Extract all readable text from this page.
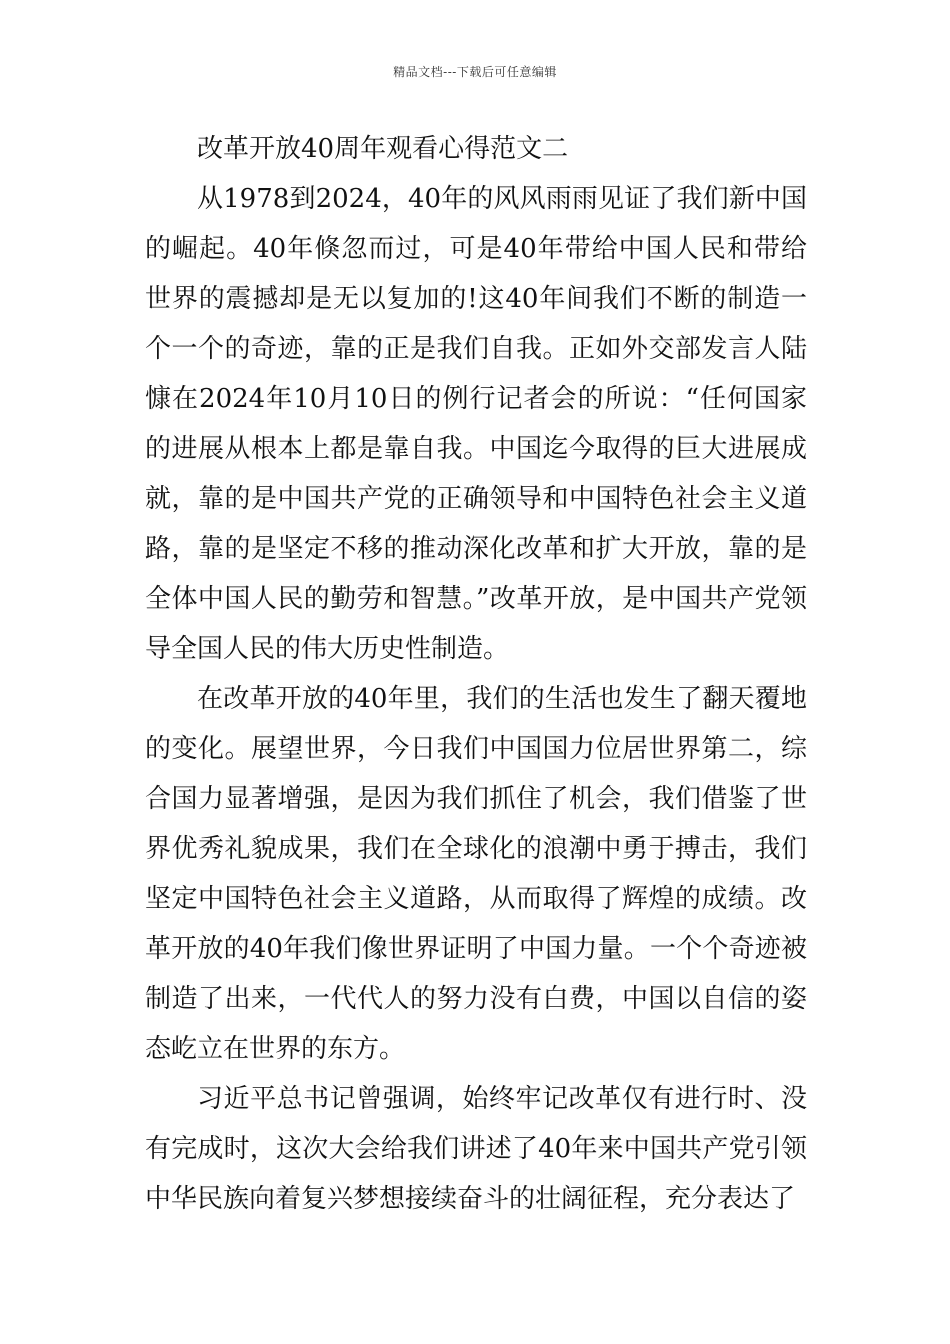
精品文档---下载后可任意编辑

改革开放40周年观看心得范文二

从1978到2024，40年的风风雨雨见证了我们新中国的崛起。40年倏忽而过，可是40年带给中国人民和带给世界的震撼却是无以复加的!这40年间我们不断的制造一个一个的奇迹，靠的正是我们自我。正如外交部发言人陆慷在2024年10月10日的例行记者会的所说：“任何国家的进展从根本上都是靠自我。中国迄今取得的巨大进展成就，靠的是中国共产党的正确领导和中国特色社会主义道路，靠的是坚定不移的推动深化改革和扩大开放，靠的是全体中国人民的勤劳和智慧。”改革开放，是中国共产党领导全国人民的伟大历史性制造。

在改革开放的40年里，我们的生活也发生了翻天覆地的变化。展望世界，今日我们中国国力位居世界第二，综合国力显著增强，是因为我们抓住了机会，我们借鉴了世界优秀礼貌成果，我们在全球化的浪潮中勇于搏击，我们坚定中国特色社会主义道路，从而取得了辉煌的成绩。改革开放的40年我们像世界证明了中国力量。一个个奇迹被制造了出来，一代代人的努力没有白费，中国以自信的姿态屹立在世界的东方。

习近平总书记曾强调，始终牢记改革仅有进行时、没有完成时，这次大会给我们讲述了40年来中国共产党引领中华民族向着复兴梦想接续奋斗的壮阔征程，充分表达了
